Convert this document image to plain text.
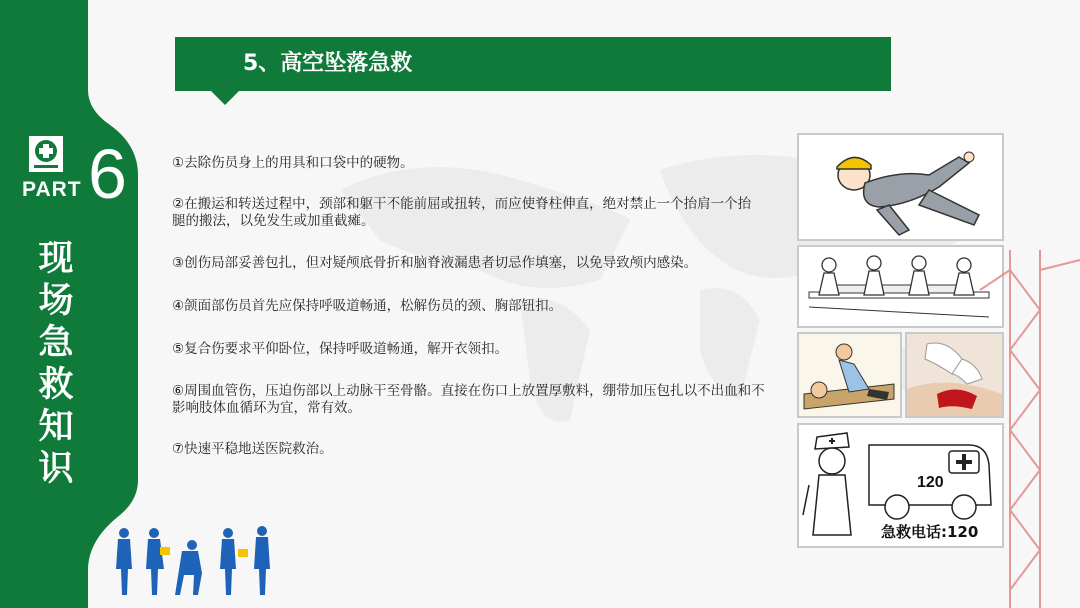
PART 6
现场急救知识
5、高空坠落急救

①去除伤员身上的用具和口袋中的硬物。

②在搬运和转送过程中，颈部和躯干不能前屈或扭转，而应使脊柱伸直，绝对禁止一个抬肩一个抬腿的搬法，以免发生或加重截瘫。

③创伤局部妥善包扎，但对疑颅底骨折和脑脊液漏患者切忌作填塞，以免导致颅内感染。

④颌面部伤员首先应保持呼吸道畅通，松解伤员的颈、胸部钮扣。

⑤复合伤要求平仰卧位，保持呼吸道畅通，解开衣领扣。

⑥周围血管伤，压迫伤部以上动脉干至骨骼。直接在伤口上放置厚敷料，绷带加压包扎以不出血和不影响肢体血循环为宜，常有效。

⑦快速平稳地送医院救治。

120
急救电话:120
